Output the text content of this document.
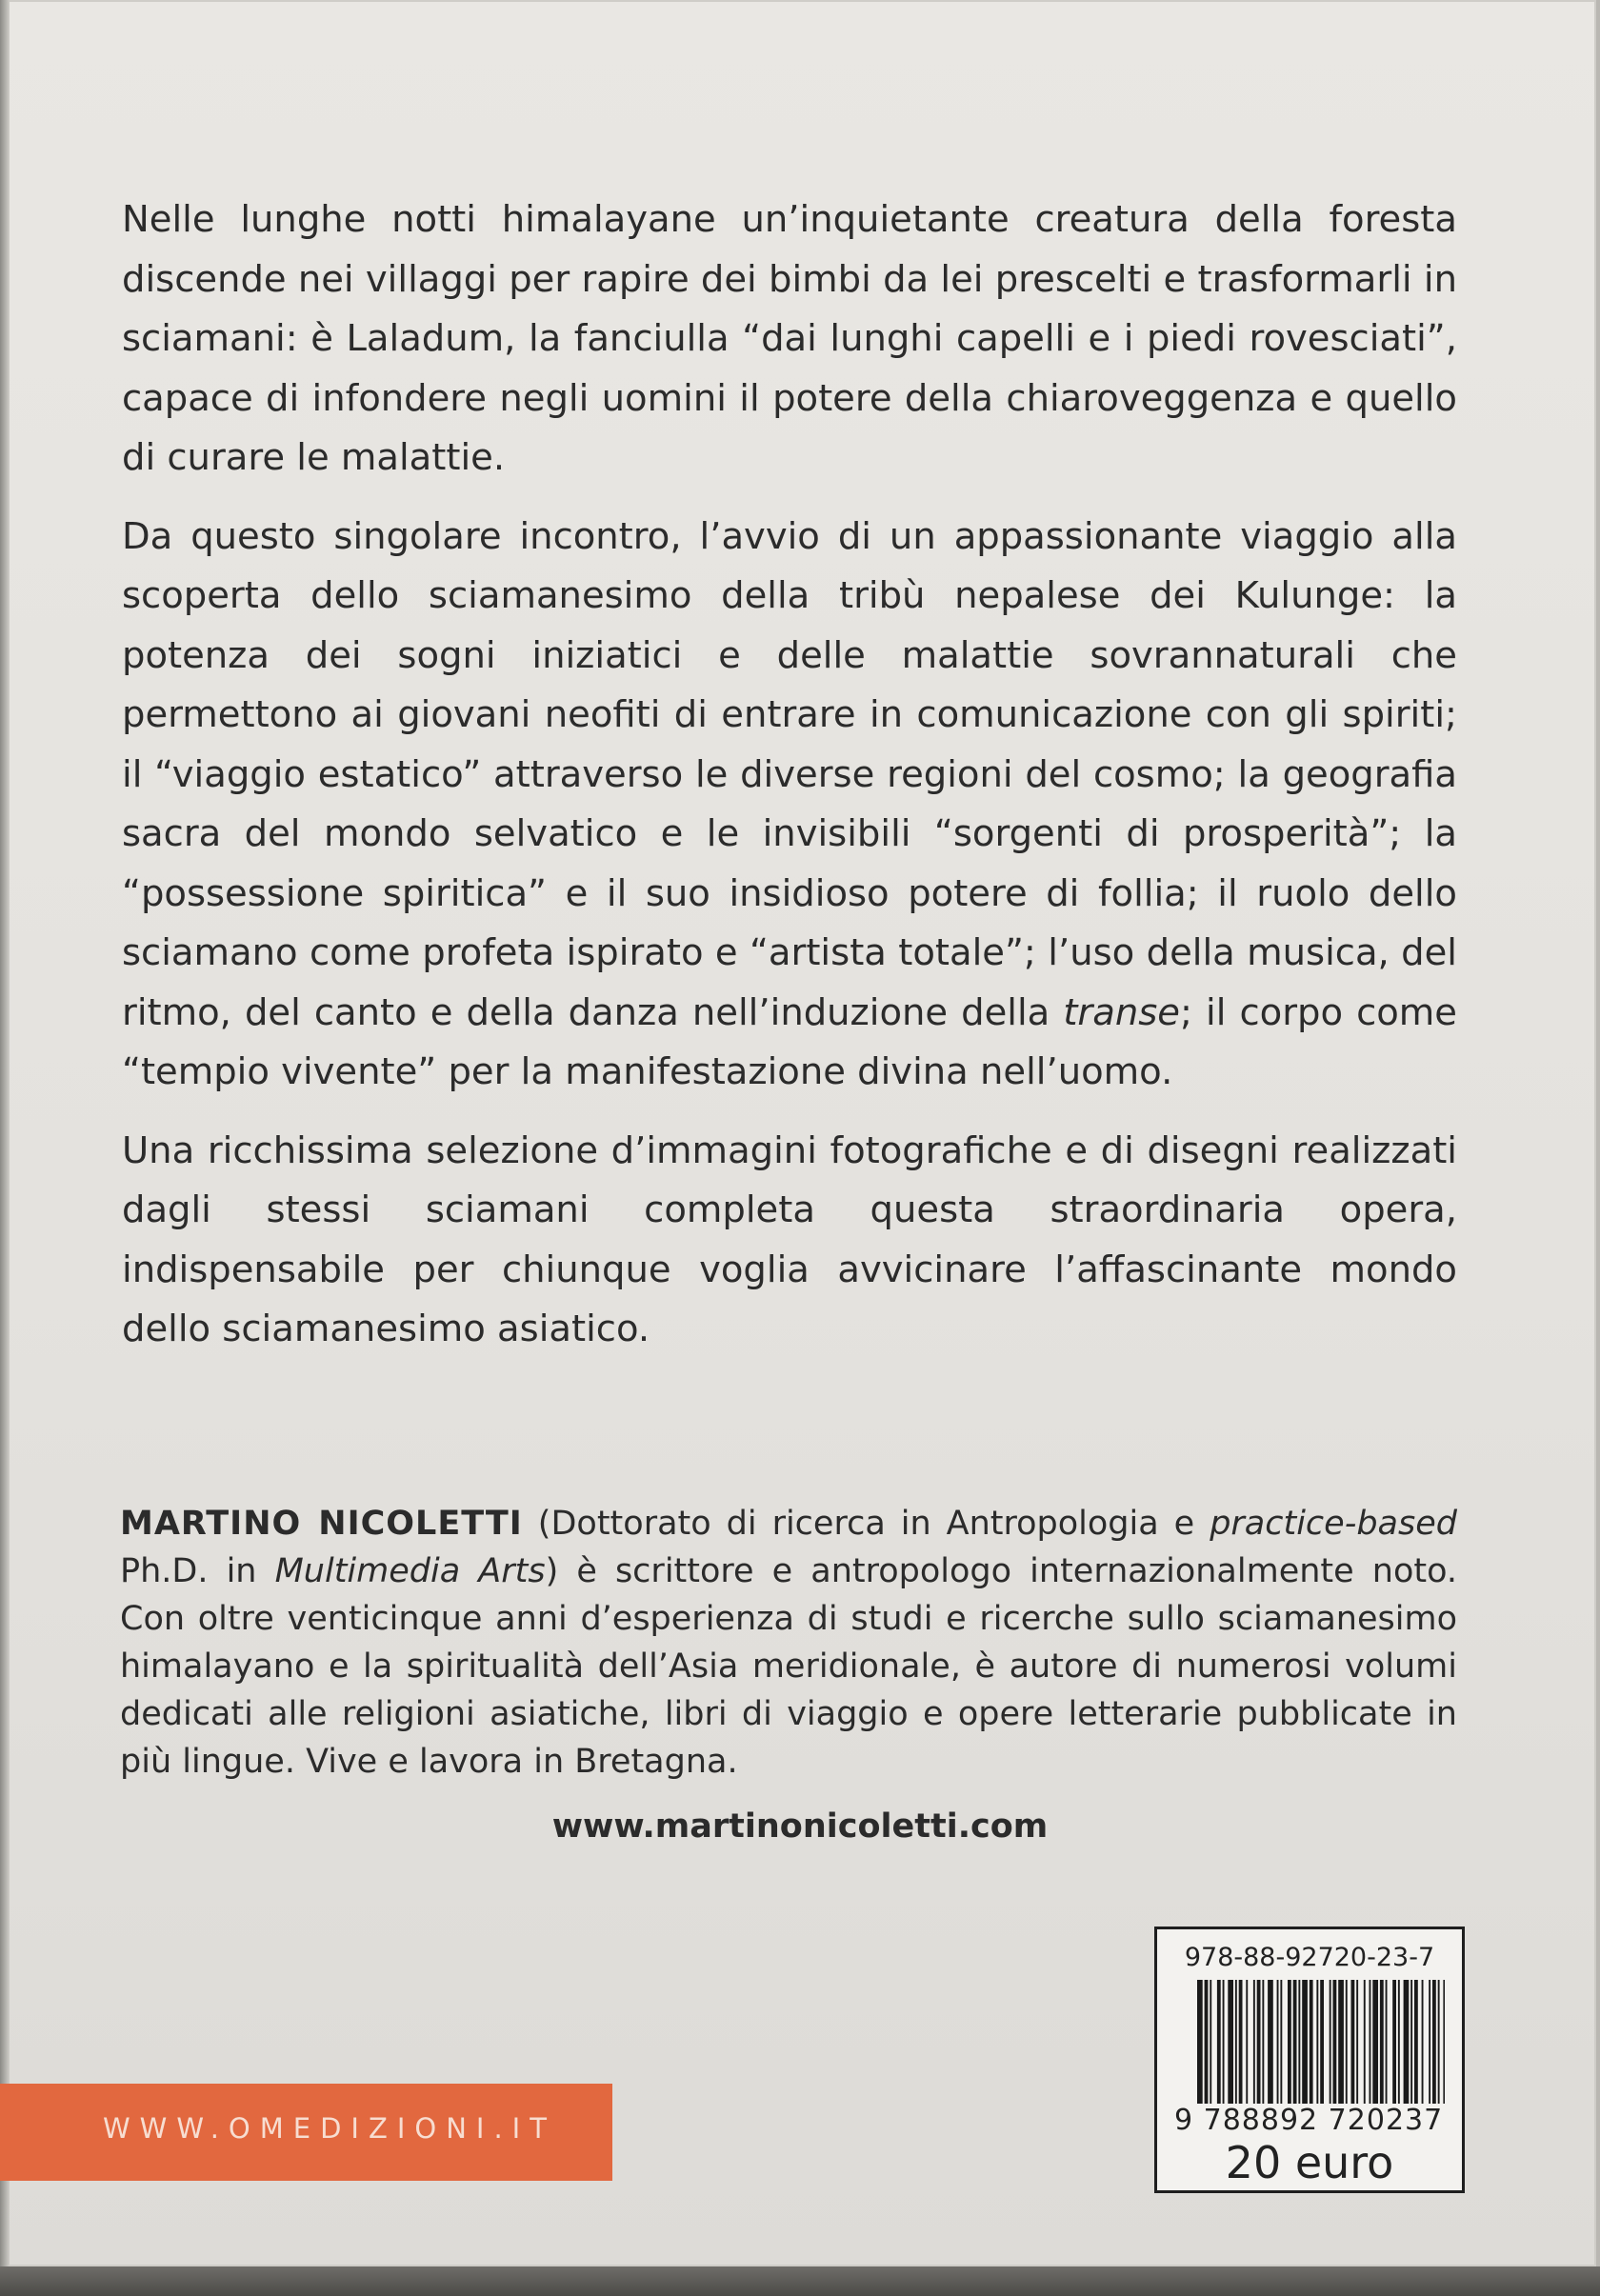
Nelle lunghe notti himalayane un’inquietante creatura della foresta discende nei villaggi per rapire dei bimbi da lei prescelti e trasformarli in sciamani: è Laladum, la fanciulla “dai lunghi capelli e i piedi rovesciati”, capace di infondere negli uomini il potere della chiaroveggenza e quello di curare le malattie.

Da questo singolare incontro, l’avvio di un appassionante viaggio alla scoperta dello sciamanesimo della tribù nepalese dei Kulunge: la potenza dei sogni iniziatici e delle malattie sovrannaturali che permettono ai giovani neofiti di entrare in comunicazione con gli spiriti; il “viaggio estatico” attraverso le diverse regioni del cosmo; la geografia sacra del mondo selvatico e le invisibili “sorgenti di prosperità”; la “possessione spiritica” e il suo insidioso potere di follia; il ruolo dello sciamano come profeta ispirato e “artista totale”; l’uso della musica, del ritmo, del canto e della danza nell’induzione della transe; il corpo come “tempio vivente” per la manifestazione divina nell’uomo.

Una ricchissima selezione d’immagini fotografiche e di disegni realizzati dagli stessi sciamani completa questa straordinaria opera, indispensabile per chiunque voglia avvicinare l’affascinante mondo dello sciamanesimo asiatico.

MARTINO NICOLETTI (Dottorato di ricerca in Antropologia e practice-based Ph.D. in Multimedia Arts) è scrittore e antropologo internazionalmente noto. Con oltre venticinque anni d’esperienza di studi e ricerche sullo sciamanesimo himalayano e la spiritualità dell’Asia meridionale, è autore di numerosi volumi dedicati alle religioni asiatiche, libri di viaggio e opere letterarie pubblicate in più lingue. Vive e lavora in Bretagna.

www.martinonicoletti.com
978-88-92720-23-7
9 788892 720237
20 euro
WWW.OMEDIZIONI.IT
